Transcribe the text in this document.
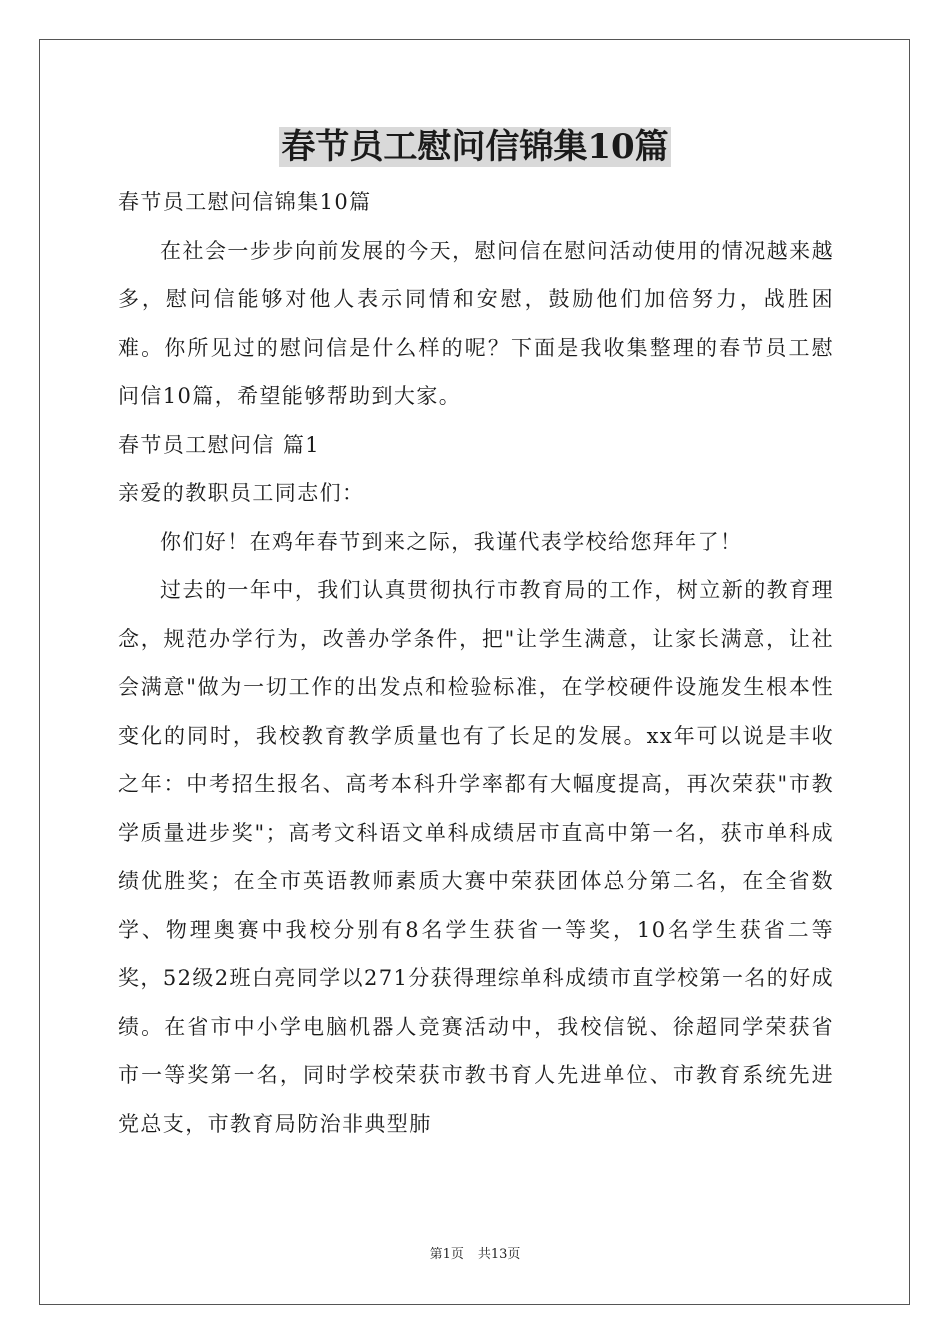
春节员工慰问信锦集10篇

春节员工慰问信锦集10篇

在社会一步步向前发展的今天，慰问信在慰问活动使用的情况越来越多，慰问信能够对他人表示同情和安慰，鼓励他们加倍努力，战胜困难。你所见过的慰问信是什么样的呢？下面是我收集整理的春节员工慰问信10篇，希望能够帮助到大家。

春节员工慰问信 篇1

亲爱的教职员工同志们：

你们好！在鸡年春节到来之际，我谨代表学校给您拜年了！

过去的一年中，我们认真贯彻执行市教育局的工作，树立新的教育理念，规范办学行为，改善办学条件，把"让学生满意，让家长满意，让社会满意"做为一切工作的出发点和检验标准，在学校硬件设施发生根本性变化的同时，我校教育教学质量也有了长足的发展。xx年可以说是丰收之年：中考招生报名、高考本科升学率都有大幅度提高，再次荣获"市教学质量进步奖"；高考文科语文单科成绩居市直高中第一名，获市单科成绩优胜奖；在全市英语教师素质大赛中荣获团体总分第二名，在全省数学、物理奥赛中我校分别有8名学生获省一等奖，10名学生获省二等奖，52级2班白亮同学以271分获得理综单科成绩市直学校第一名的好成绩。在省市中小学电脑机器人竞赛活动中，我校信锐、徐超同学荣获省市一等奖第一名，同时学校荣获市教书育人先进单位、市教育系统先进党总支，市教育局防治非典型肺

第1页 共13页
